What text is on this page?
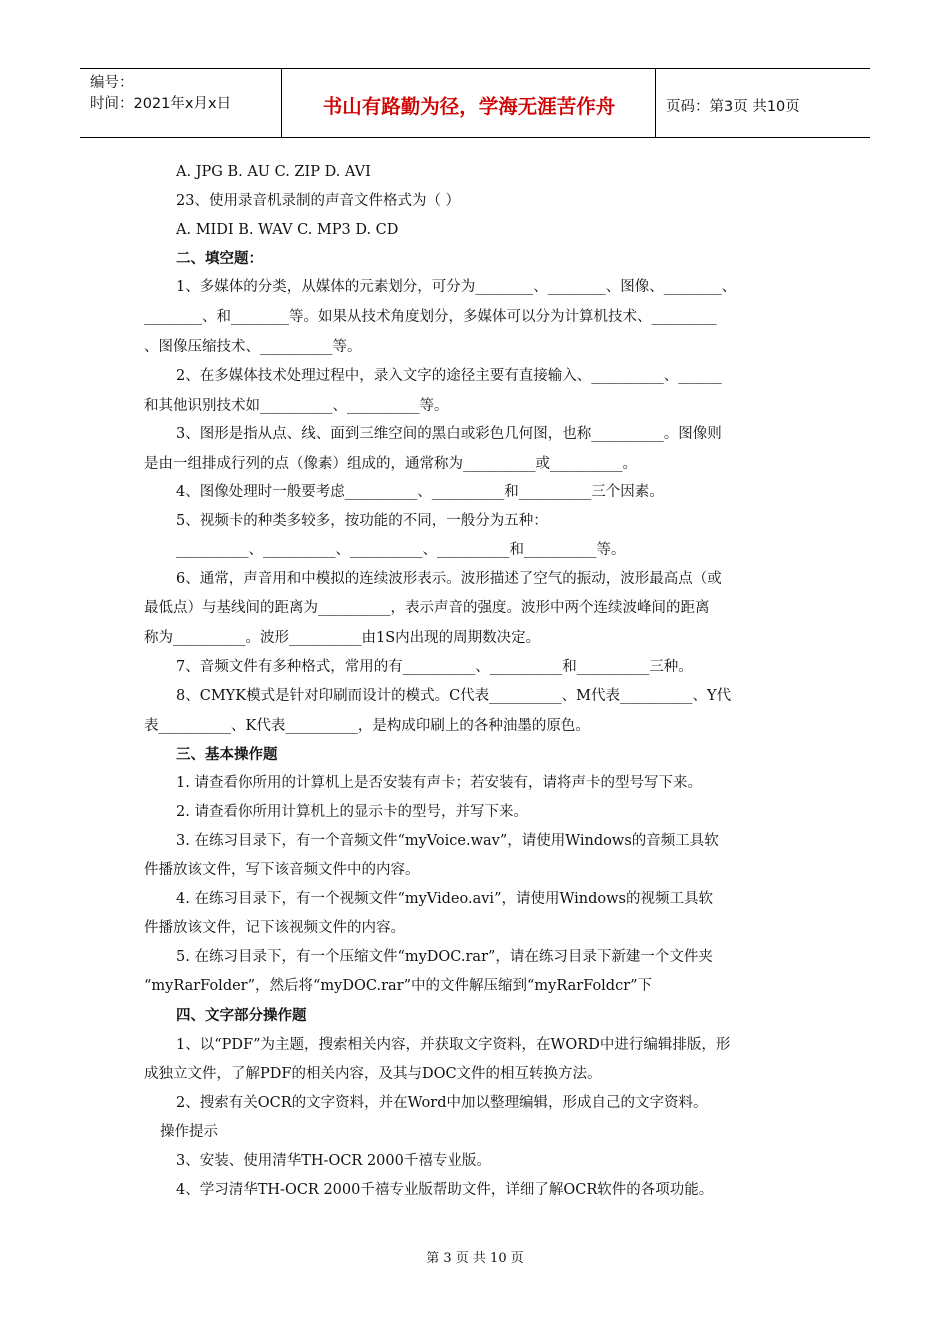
编号：
时间：2021年x月x日	书山有路勤为径，学海无涯苦作舟	页码：第3页 共10页
A. JPG B. AU C. ZIP D. AVI
23、使用录音机录制的声音文件格式为（ ）
A. MIDI B. WAV C. MP3 D. CD
二、填空题：
1、多媒体的分类，从媒体的元素划分，可分为________、________、图像、________、
________、和________等。如果从技术角度划分，多媒体可以分为计算机技术、_________
、图像压缩技术、__________等。
2、在多媒体技术处理过程中，录入文字的途径主要有直接输入、__________、______
和其他识别技术如__________、__________等。
3、图形是指从点、线、面到三维空间的黑白或彩色几何图，也称__________。图像则
是由一组排成行列的点（像素）组成的，通常称为__________或__________。
4、图像处理时一般要考虑__________、__________和__________三个因素。
5、视频卡的种类多较多，按功能的不同，一般分为五种：
__________、__________、__________、__________和__________等。
6、通常，声音用和中模拟的连续波形表示。波形描述了空气的振动，波形最高点（或
最低点）与基线间的距离为__________，表示声音的强度。波形中两个连续波峰间的距离
称为__________。波形__________由1S内出现的周期数决定。
7、音频文件有多种格式，常用的有__________、__________和__________三种。
8、CMYK模式是针对印刷而设计的模式。C代表__________、M代表__________、Y代
表__________、K代表__________，是构成印刷上的各种油墨的原色。
三、基本操作题
1. 请查看你所用的计算机上是否安装有声卡；若安装有，请将声卡的型号写下来。
2. 请查看你所用计算机上的显示卡的型号，并写下来。
3. 在练习目录下，有一个音频文件“myVoice.wav”，请使用Windows的音频工具软
件播放该文件，写下该音频文件中的内容。
4. 在练习目录下，有一个视频文件“myVideo.avi”，请使用Windows的视频工具软
件播放该文件，记下该视频文件的内容。
5. 在练习目录下，有一个压缩文件“myDOC.rar”，请在练习目录下新建一个文件夹
“myRarFolder”，然后将“myDOC.rar”中的文件解压缩到“myRarFoldcr”下
四、文字部分操作题
1、以“PDF”为主题，搜索相关内容，并获取文字资料，在WORD中进行编辑排版，形
成独立文件，了解PDF的相关内容，及其与DOC文件的相互转换方法。
2、搜索有关OCR的文字资料，并在Word中加以整理编辑，形成自己的文字资料。
操作提示
3、安装、使用清华TH-OCR 2000千禧专业版。
4、学习清华TH-OCR 2000千禧专业版帮助文件，详细了解OCR软件的各项功能。
第 3 页 共 10 页
